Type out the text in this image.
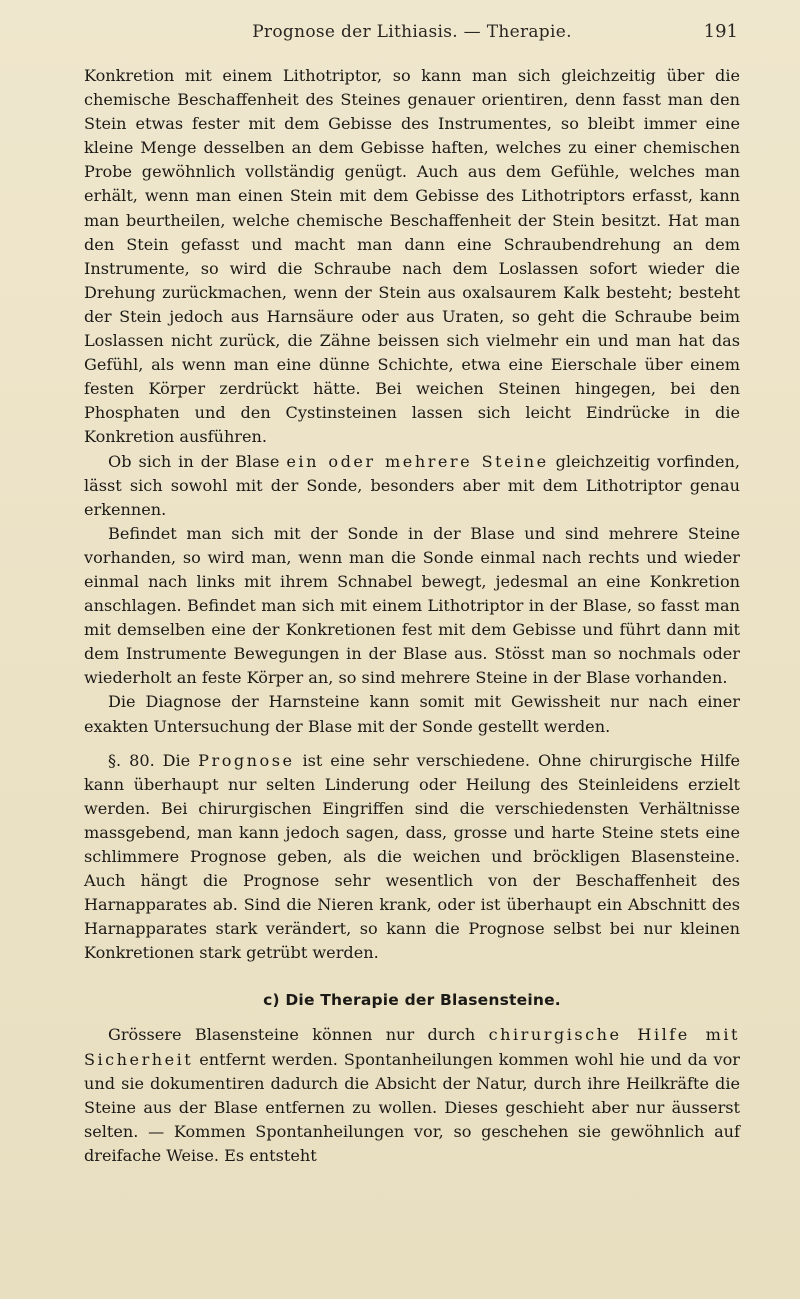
Prognose der Lithiasis. — Therapie.	191

Konkretion mit einem Lithotriptor, so kann man sich gleichzeitig über die chemische Beschaffenheit des Steines genauer orientiren, denn fasst man den Stein etwas fester mit dem Gebisse des Instrumentes, so bleibt immer eine kleine Menge desselben an dem Gebisse haften, welches zu einer chemischen Probe gewöhnlich vollständig genügt. Auch aus dem Gefühle, welches man erhält, wenn man einen Stein mit dem Gebisse des Lithotriptors erfasst, kann man beurtheilen, welche chemische Beschaffenheit der Stein besitzt. Hat man den Stein gefasst und macht man dann eine Schraubendrehung an dem Instrumente, so wird die Schraube nach dem Loslassen sofort wieder die Drehung zurückmachen, wenn der Stein aus oxalsaurem Kalk besteht; besteht der Stein jedoch aus Harnsäure oder aus Uraten, so geht die Schraube beim Loslassen nicht zurück, die Zähne beissen sich vielmehr ein und man hat das Gefühl, als wenn man eine dünne Schichte, etwa eine Eierschale über einem festen Körper zerdrückt hätte. Bei weichen Steinen hingegen, bei den Phosphaten und den Cystinsteinen lassen sich leicht Eindrücke in die Konkretion ausführen.

Ob sich in der Blase ein oder mehrere Steine gleichzeitig vorfinden, lässt sich sowohl mit der Sonde, besonders aber mit dem Lithotriptor genau erkennen.

Befindet man sich mit der Sonde in der Blase und sind mehrere Steine vorhanden, so wird man, wenn man die Sonde einmal nach rechts und wieder einmal nach links mit ihrem Schnabel bewegt, jedesmal an eine Konkretion anschlagen. Befindet man sich mit einem Lithotriptor in der Blase, so fasst man mit demselben eine der Konkretionen fest mit dem Gebisse und führt dann mit dem Instrumente Bewegungen in der Blase aus. Stösst man so nochmals oder wiederholt an feste Körper an, so sind mehrere Steine in der Blase vorhanden.

Die Diagnose der Harnsteine kann somit mit Gewissheit nur nach einer exakten Untersuchung der Blase mit der Sonde gestellt werden.

§. 80. Die Prognose ist eine sehr verschiedene. Ohne chirurgische Hilfe kann überhaupt nur selten Linderung oder Heilung des Steinleidens erzielt werden. Bei chirurgischen Eingriffen sind die verschiedensten Verhältnisse massgebend, man kann jedoch sagen, dass, grosse und harte Steine stets eine schlimmere Prognose geben, als die weichen und bröckligen Blasensteine. Auch hängt die Prognose sehr wesentlich von der Beschaffenheit des Harnapparates ab. Sind die Nieren krank, oder ist überhaupt ein Abschnitt des Harnapparates stark verändert, so kann die Prognose selbst bei nur kleinen Konkretionen stark getrübt werden.

c) Die Therapie der Blasensteine.

Grössere Blasensteine können nur durch chirurgische Hilfe mit Sicherheit entfernt werden. Spontanheilungen kommen wohl hie und da vor und sie dokumentiren dadurch die Absicht der Natur, durch ihre Heilkräfte die Steine aus der Blase entfernen zu wollen. Dieses geschieht aber nur äusserst selten. — Kommen Spontanheilungen vor, so geschehen sie gewöhnlich auf dreifache Weise. Es entsteht
